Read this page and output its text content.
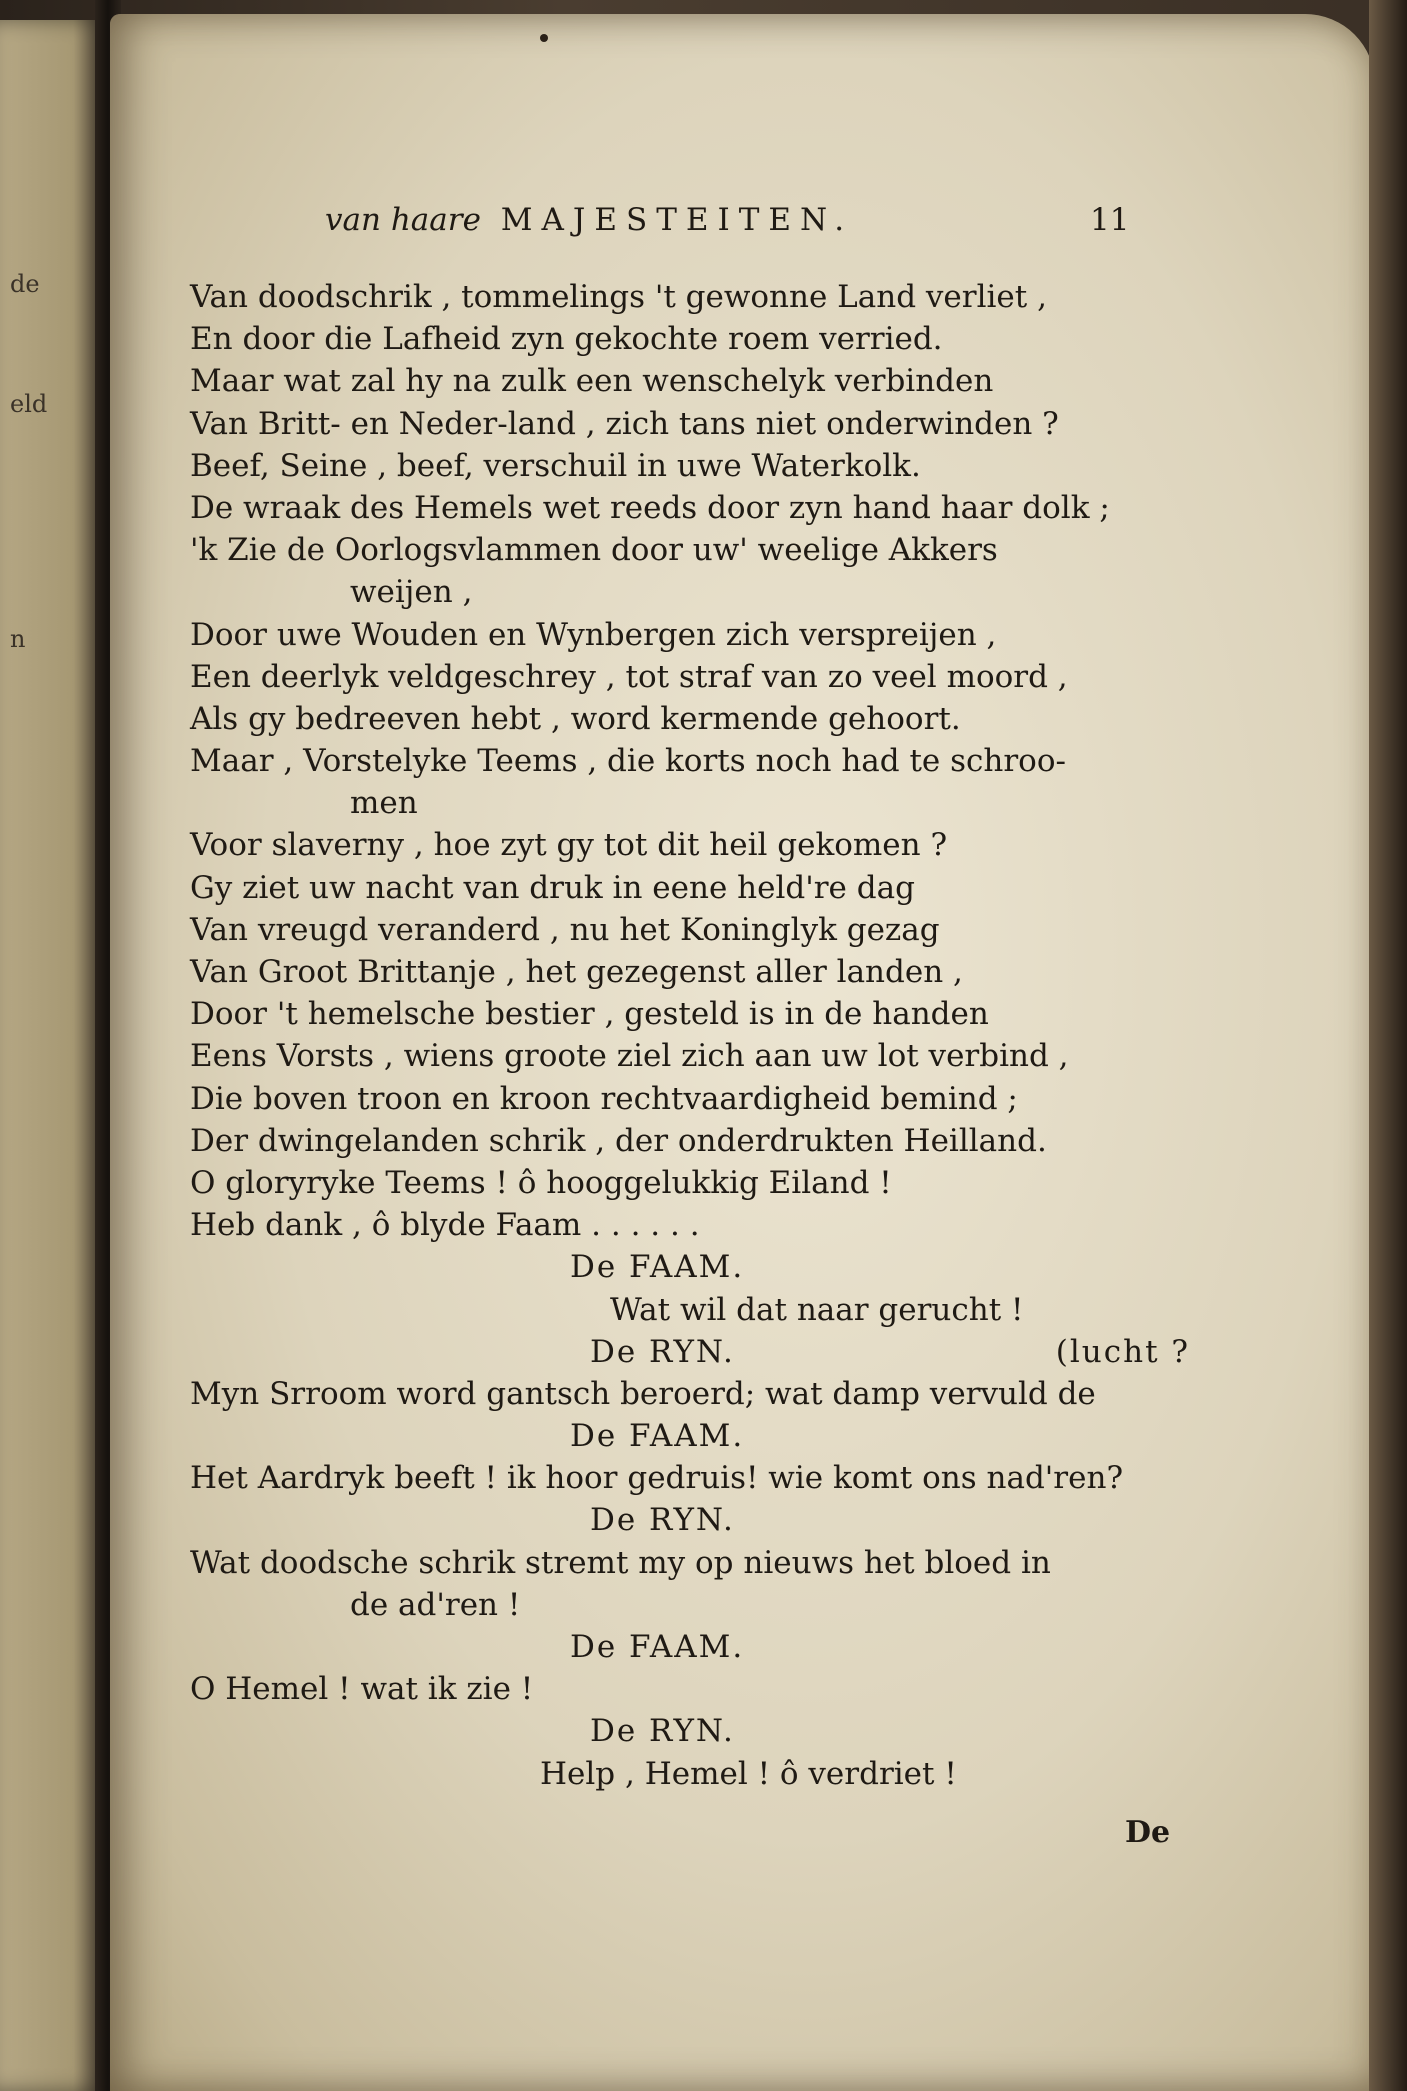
de
eld
n
van haare MAJESTEITEN.	11
Van doodschrik , tommelings 't gewonne Land verliet ,
En door die Lafheid zyn gekochte roem verried.
Maar wat zal hy na zulk een wenschelyk verbinden
Van Britt- en Neder-land , zich tans niet onderwinden ?
Beef, Seine , beef, verschuil in uwe Waterkolk.
De wraak des Hemels wet reeds door zyn hand haar dolk ;
'k Zie de Oorlogsvlammen door uw' weelige Akkers
weijen ,
Door uwe Wouden en Wynbergen zich verspreijen ,
Een deerlyk veldgeschrey , tot straf van zo veel moord ,
Als gy bedreeven hebt , word kermende gehoort.
Maar , Vorstelyke Teems , die korts noch had te schroo-
men
Voor slaverny , hoe zyt gy tot dit heil gekomen ?
Gy ziet uw nacht van druk in eene held're dag
Van vreugd veranderd , nu het Koninglyk gezag
Van Groot Brittanje , het gezegenst aller landen ,
Door 't hemelsche bestier , gesteld is in de handen
Eens Vorsts , wiens groote ziel zich aan uw lot verbind ,
Die boven troon en kroon rechtvaardigheid bemind ;
Der dwingelanden schrik , der onderdrukten Heilland.
O gloryryke Teems ! ô hooggelukkig Eiland !
Heb dank , ô blyde Faam . . . . . .
De FAAM.
Wat wil dat naar gerucht !
De RYN.	(lucht ?
Myn Srroom word gantsch beroerd; wat damp vervuld de
De FAAM.
Het Aardryk beeft ! ik hoor gedruis! wie komt ons nad'ren?
De RYN.
Wat doodsche schrik stremt my op nieuws het bloed in
de ad'ren !
De FAAM.
O Hemel ! wat ik zie !
De RYN.
Help , Hemel ! ô verdriet !
De
